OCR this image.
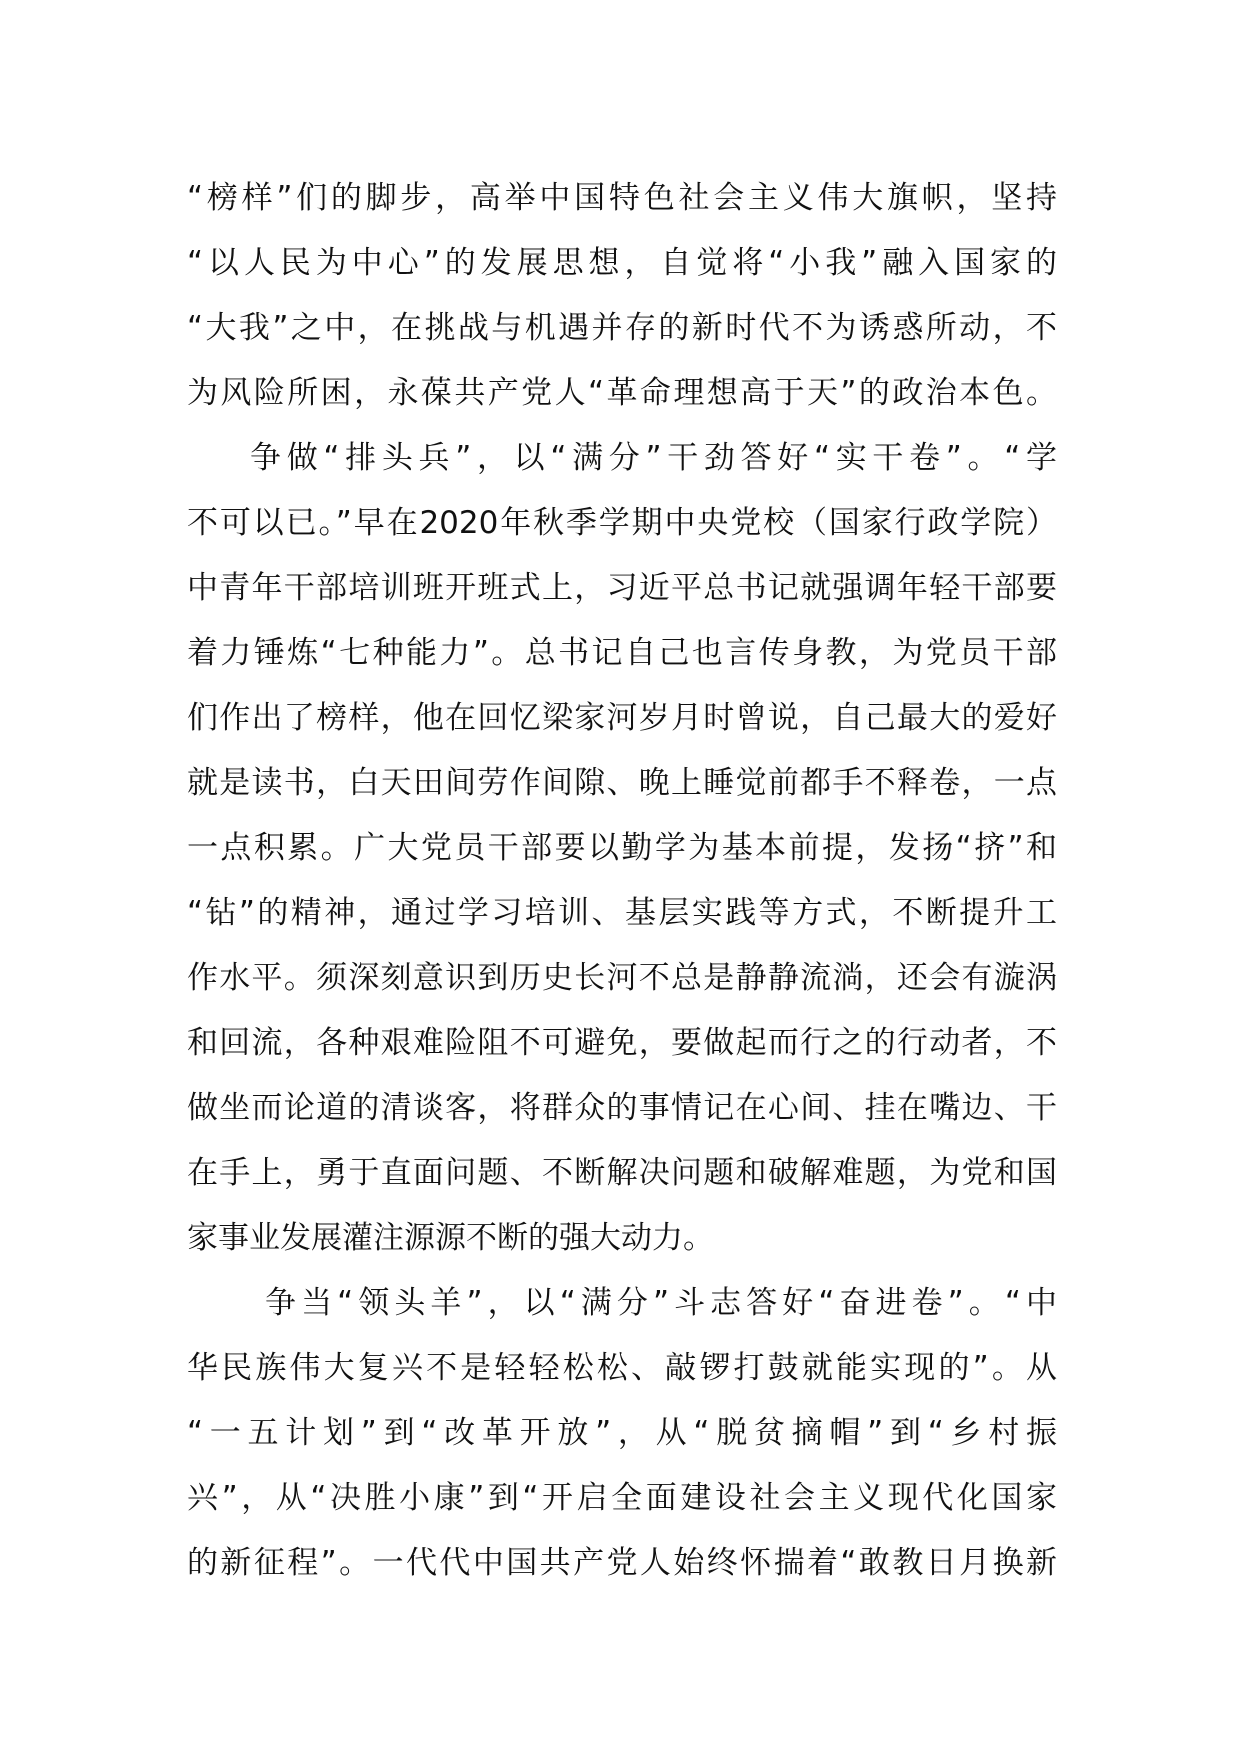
“榜样”们的脚步，高举中国特色社会主义伟大旗帜，坚持
“以人民为中心”的发展思想，自觉将“小我”融入国家的
“大我”之中，在挑战与机遇并存的新时代不为诱惑所动，不
为风险所困，永葆共产党人“革命理想高于天”的政治本色。
争做“排头兵”，以“满分”干劲答好“实干卷”。“学
不可以已。”早在2020年秋季学期中央党校（国家行政学院）
中青年干部培训班开班式上，习近平总书记就强调年轻干部要
着力锤炼“七种能力”。总书记自己也言传身教，为党员干部
们作出了榜样，他在回忆梁家河岁月时曾说，自己最大的爱好
就是读书，白天田间劳作间隙、晚上睡觉前都手不释卷，一点
一点积累。广大党员干部要以勤学为基本前提，发扬“挤”和
“钻”的精神，通过学习培训、基层实践等方式，不断提升工
作水平。须深刻意识到历史长河不总是静静流淌，还会有漩涡
和回流，各种艰难险阻不可避免，要做起而行之的行动者，不
做坐而论道的清谈客，将群众的事情记在心间、挂在嘴边、干
在手上，勇于直面问题、不断解决问题和破解难题，为党和国
家事业发展灌注源源不断的强大动力。
争当“领头羊”，以“满分”斗志答好“奋进卷”。“中
华民族伟大复兴不是轻轻松松、敲锣打鼓就能实现的”。从
“一五计划”到“改革开放”，从“脱贫摘帽”到“乡村振
兴”，从“决胜小康”到“开启全面建设社会主义现代化国家
的新征程”。一代代中国共产党人始终怀揣着“敢教日月换新
